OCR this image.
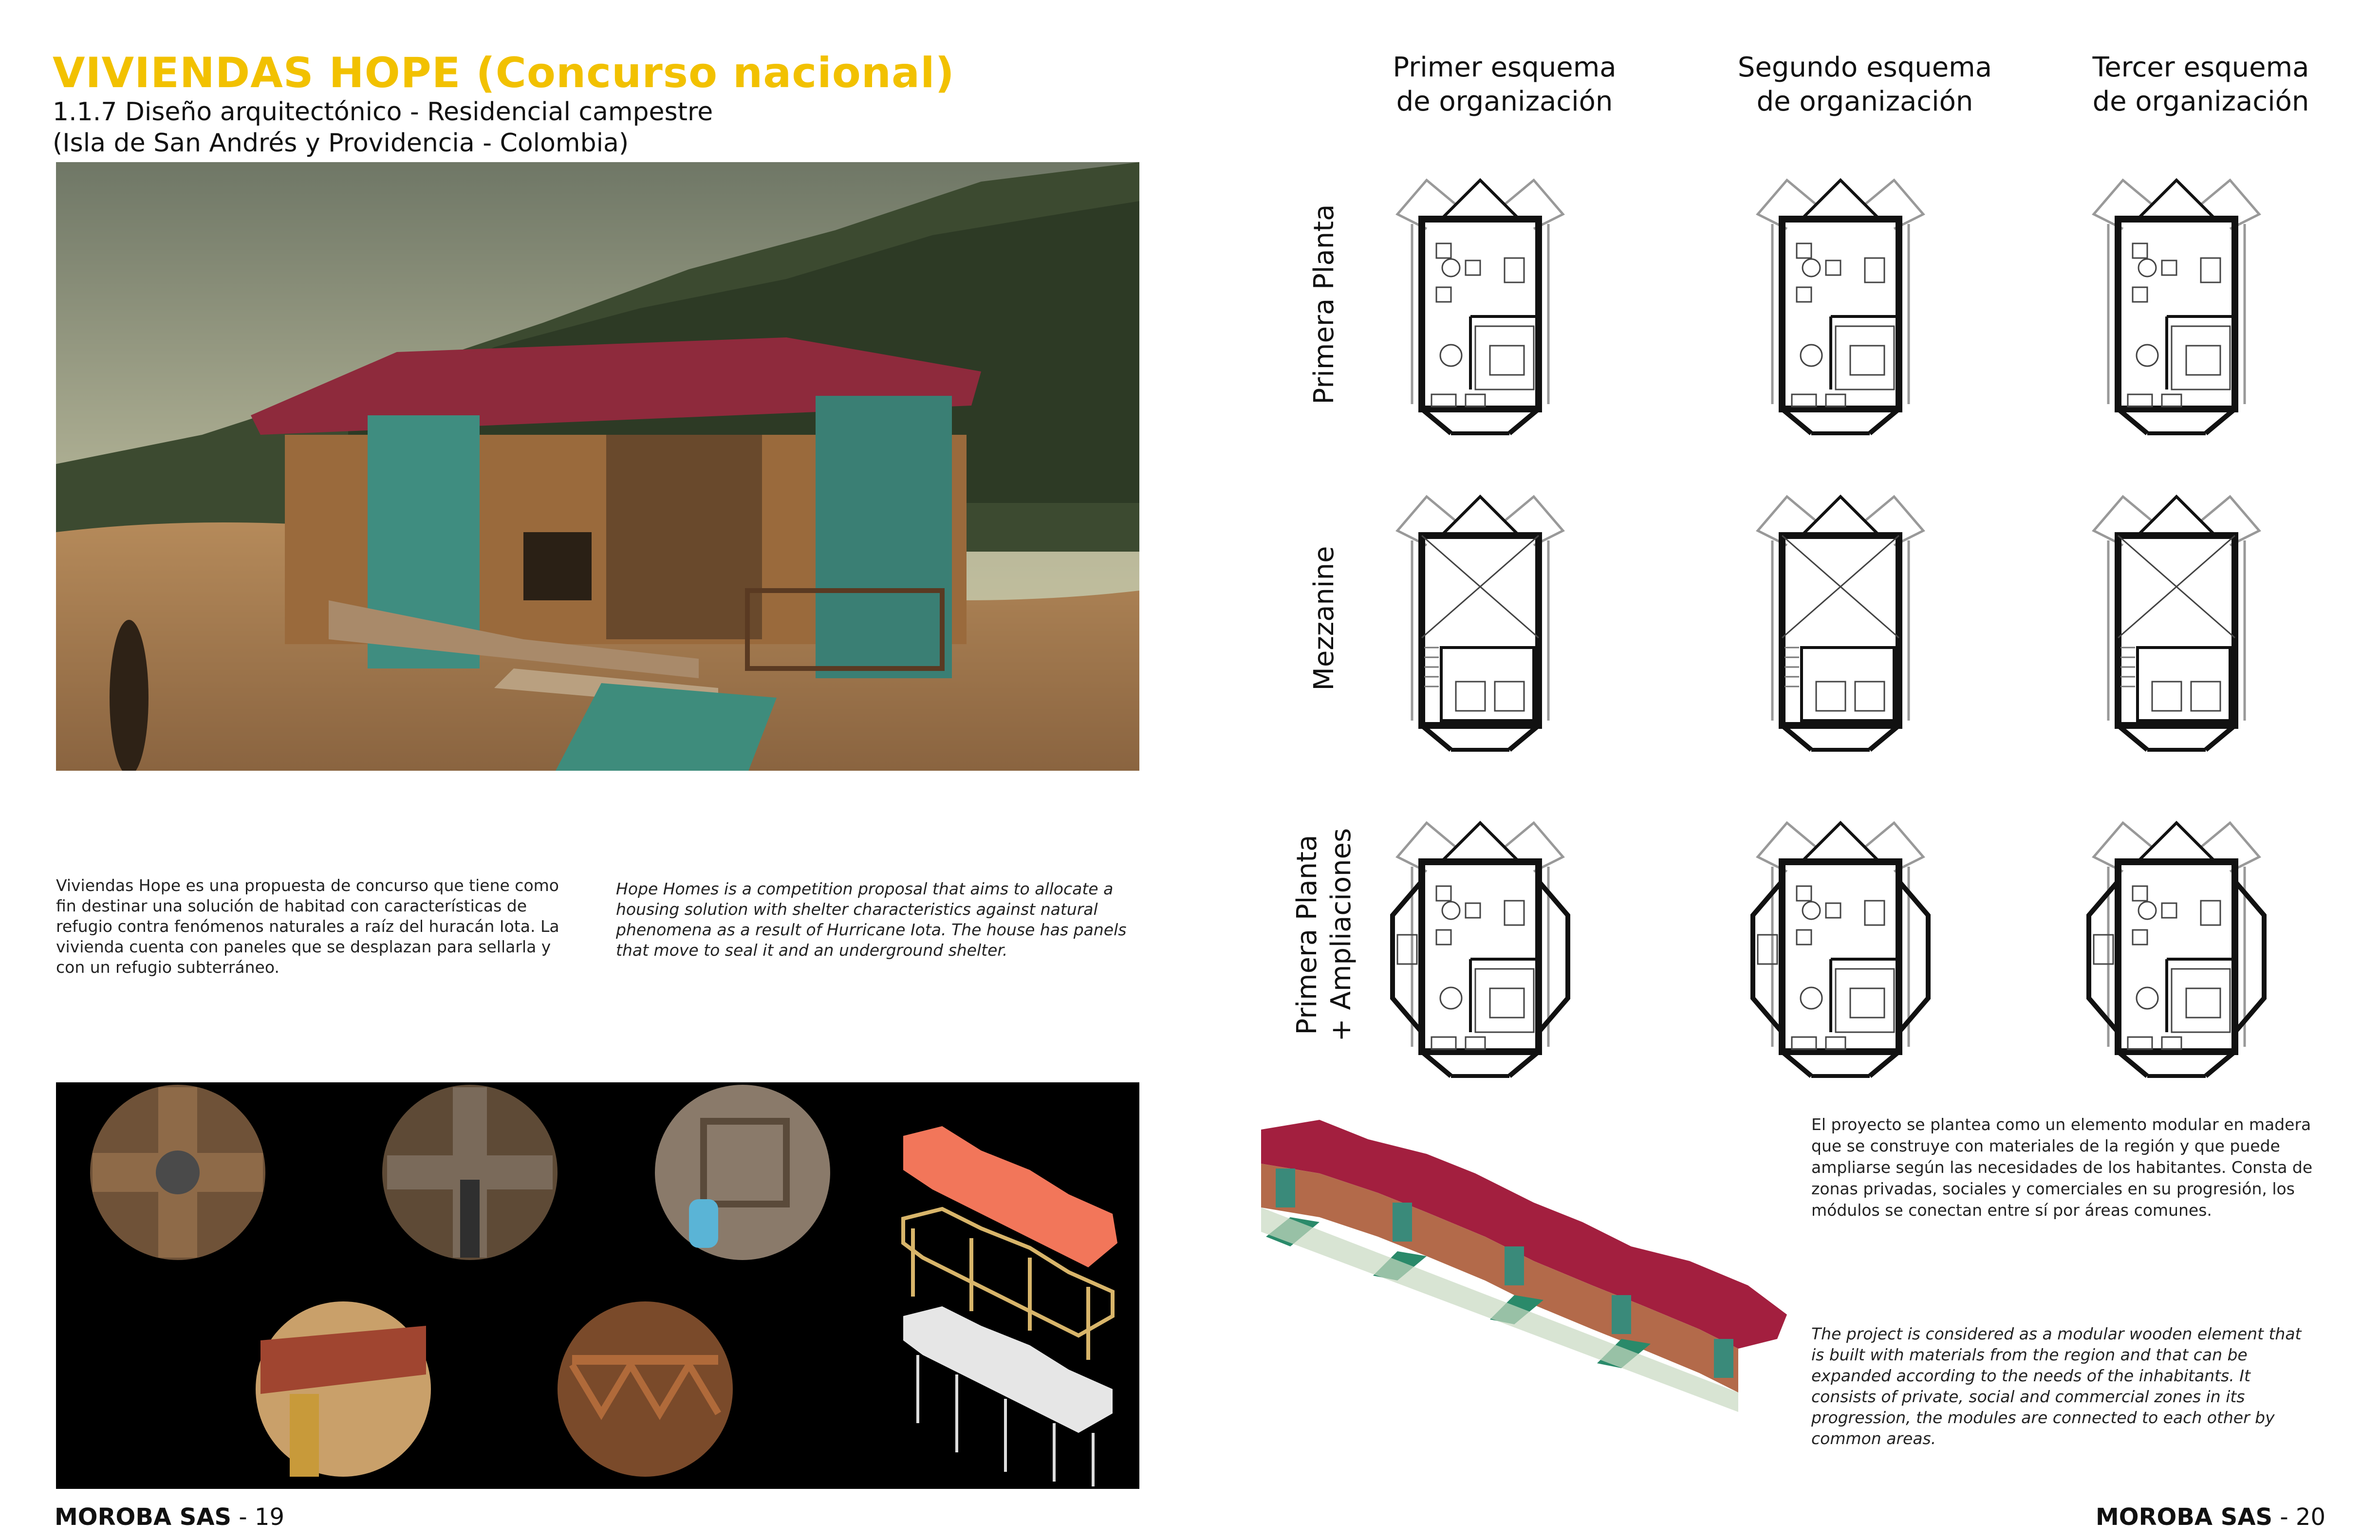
VIVIENDAS HOPE (Concurso nacional)
1.1.7 Diseño arquitectónico - Residencial campestre
(Isla de San Andrés y Providencia - Colombia)
Viviendas Hope es una propuesta de concurso que tiene como fin destinar una solución de habitad con características de refugio contra fenómenos naturales a raíz del huracán Iota. La vivienda cuenta con paneles que se desplazan para sellarla y con un refugio subterráneo.
Hope Homes is a competition proposal that aims to allocate a housing solution with shelter characteristics against natural phenomena as a result of Hurricane Iota. The house has panels that move to seal it and an underground shelter.
MOROBA SAS - 19
Primer esquema
de organización
Segundo esquema
de organización
Tercer esquema
de organización
Primera Planta
Mezzanine
Primera Planta + Ampliaciones
El proyecto se plantea como un elemento modular en madera que se construye con materiales de la región y que puede ampliarse según las necesidades de los habitantes. Consta de zonas privadas, sociales y comerciales en su progresión, los módulos se conectan entre sí por áreas comunes.
The project is considered as a modular wooden element that is built with materials from the region and that can be expanded according to the needs of the inhabitants. It consists of private, social and commercial zones in its progression, the modules are connected to each other by common areas.
MOROBA SAS - 20
